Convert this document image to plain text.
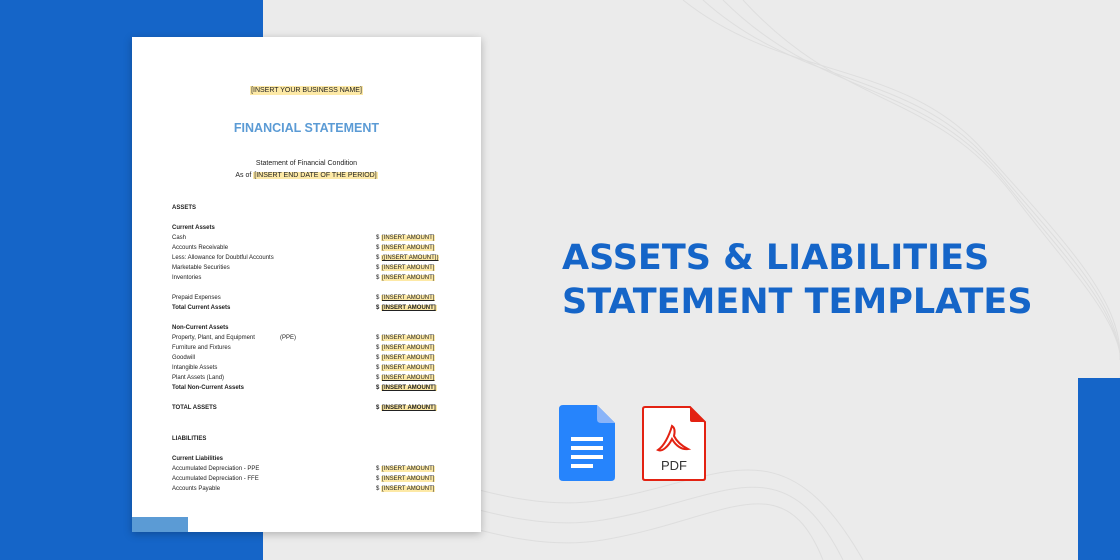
[INSERT YOUR BUSINESS NAME]
FINANCIAL STATEMENT
Statement of Financial Condition
As of [INSERT END DATE OF THE PERIOD]
ASSETS
Current Assets
Cash	$ [INSERT AMOUNT]
Accounts Receivable	$ [INSERT AMOUNT]
Less: Allowance for Doubtful Accounts	$ ([INSERT AMOUNT])
Marketable Securities	$ [INSERT AMOUNT]
Inventories	$ [INSERT AMOUNT]
Prepaid Expenses	$ [INSERT AMOUNT]
Total Current Assets	$ [INSERT AMOUNT]
Non-Current Assets
Property, Plant, and Equipment	(PPE)	$ [INSERT AMOUNT]
Furniture and Fixtures	$ [INSERT AMOUNT]
Goodwill	$ [INSERT AMOUNT]
Intangible Assets	$ [INSERT AMOUNT]
Plant Assets (Land)	$ [INSERT AMOUNT]
Total Non-Current Assets	$ [INSERT AMOUNT]
TOTAL ASSETS	$ [INSERT AMOUNT]
LIABILITIES
Current Liabilities
Accumulated Depreciation - PPE	$ [INSERT AMOUNT]
Accumulated Depreciation - FFE	$ [INSERT AMOUNT]
Accounts Payable	$ [INSERT AMOUNT]
ASSETS & LIABILITIES
STATEMENT TEMPLATES
PDF
